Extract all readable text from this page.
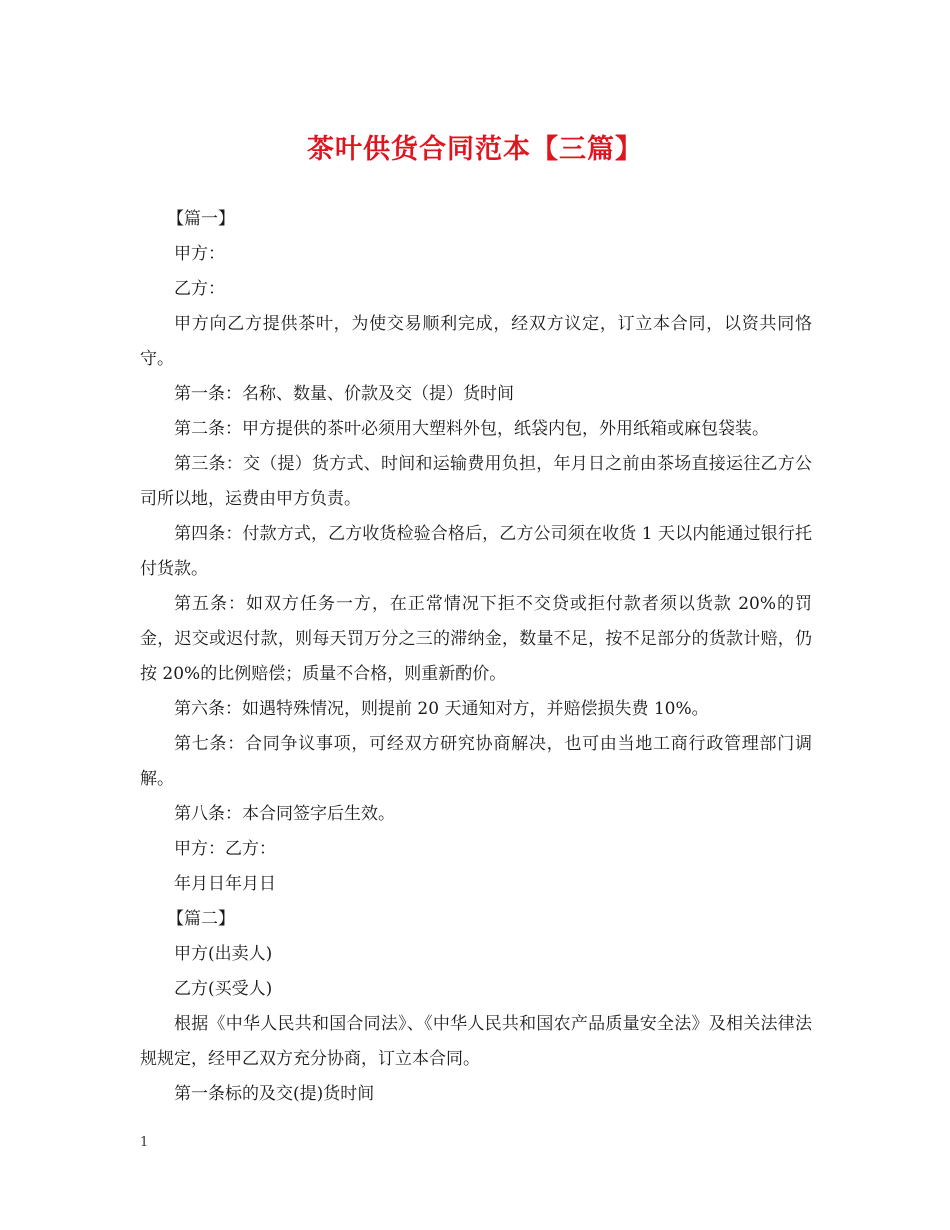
茶叶供货合同范本【三篇】

【篇一】

甲方：

乙方：

甲方向乙方提供茶叶，为使交易顺利完成，经双方议定，订立本合同，以资共同恪守。

第一条：名称、数量、价款及交（提）货时间

第二条：甲方提供的茶叶必须用大塑料外包，纸袋内包，外用纸箱或麻包袋装。

第三条：交（提）货方式、时间和运输费用负担，年月日之前由茶场直接运往乙方公司所以地，运费由甲方负责。

第四条：付款方式，乙方收货检验合格后，乙方公司须在收货 1 天以内能通过银行托付货款。

第五条：如双方任务一方，在正常情况下拒不交贷或拒付款者须以货款 20%的罚金，迟交或迟付款，则每天罚万分之三的滞纳金，数量不足，按不足部分的货款计赔，仍按 20%的比例赔偿；质量不合格，则重新酌价。

第六条：如遇特殊情况，则提前 20 天通知对方，并赔偿损失费 10%。

第七条：合同争议事项，可经双方研究协商解决，也可由当地工商行政管理部门调解。

第八条：本合同签字后生效。

甲方：乙方：

年月日年月日

【篇二】

甲方(出卖人)

乙方(买受人)

根据《中华人民共和国合同法》、《中华人民共和国农产品质量安全法》及相关法律法规规定，经甲乙双方充分协商，订立本合同。

第一条标的及交(提)货时间

1
